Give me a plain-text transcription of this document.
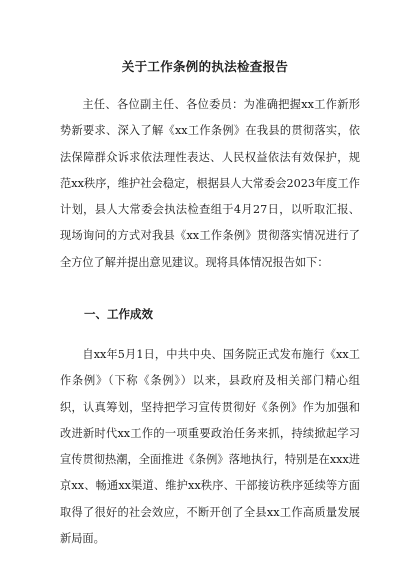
关于工作条例的执法检查报告

主任、各位副主任、各位委员：为准确把握xx工作新形势新要求、深入了解《xx工作条例》在我县的贯彻落实，依法保障群众诉求依法理性表达、人民权益依法有效保护，规范xx秩序，维护社会稳定，根据县人大常委会2023年度工作计划，县人大常委会执法检查组于4月27日，以听取汇报、现场询问的方式对我县《xx工作条例》贯彻落实情况进行了全方位了解并提出意见建议。现将具体情况报告如下：

一、工作成效

自xx年5月1日，中共中央、国务院正式发布施行《xx工作条例》（下称《条例》）以来，县政府及相关部门精心组织，认真筹划，坚持把学习宣传贯彻好《条例》作为加强和改进新时代xx工作的一项重要政治任务来抓，持续掀起学习宣传贯彻热潮，全面推进《条例》落地执行，特别是在xxx进京xx、畅通xx渠道、维护xx秩序、干部接访秩序延续等方面取得了很好的社会效应，不断开创了全县xx工作高质量发展新局面。
